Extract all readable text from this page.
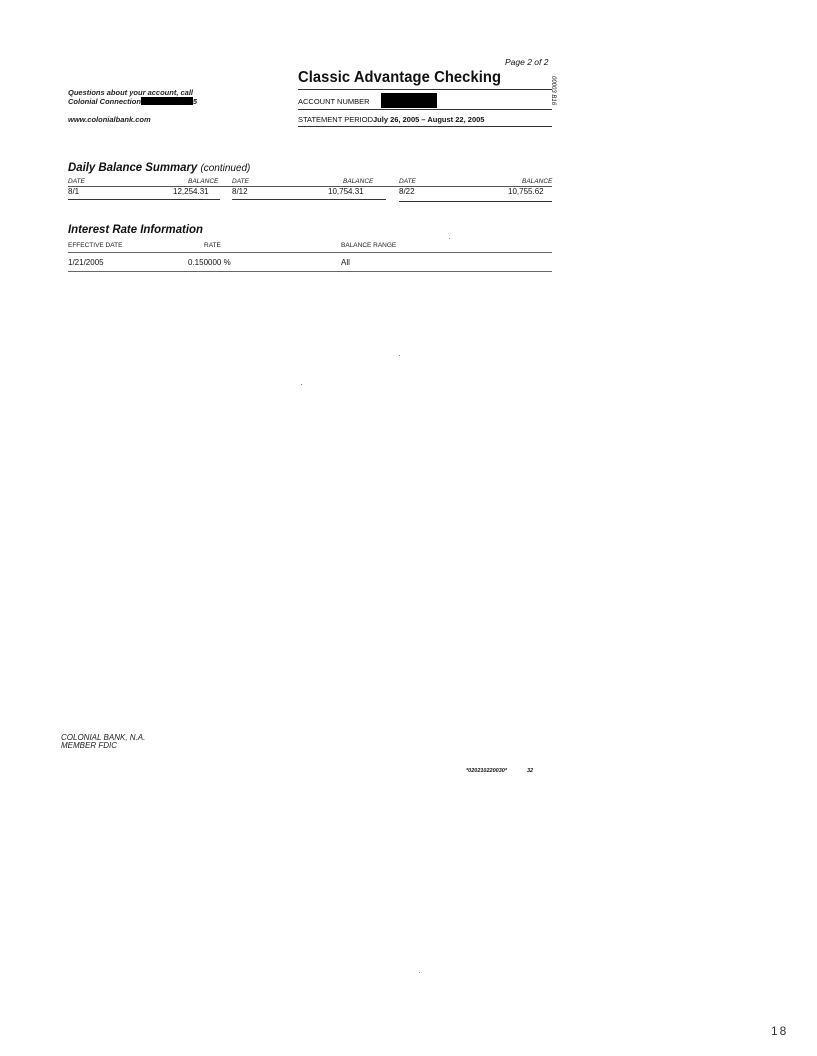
Page 2 of 2
Classic Advantage Checking	00003 B16
Questions about your account, call
Colonial Connection	5
www.colonialbank.com
ACCOUNT NUMBER
STATEMENT PERIOD July 26, 2005 – August 22, 2005
Daily Balance Summary (continued)
DATE	BALANCE DATE	BALANCE	DATE	BALANCE
8/1	12,254.31	8/12	10,754.31	8/22	10,755.62
Interest Rate Information
EFFECTIVE DATE	RATE	BALANCE RANGE
1/21/2005	0.150000 %	All
COLONIAL BANK, N.A.
MEMBER FDIC
*020210220030*	32
18
